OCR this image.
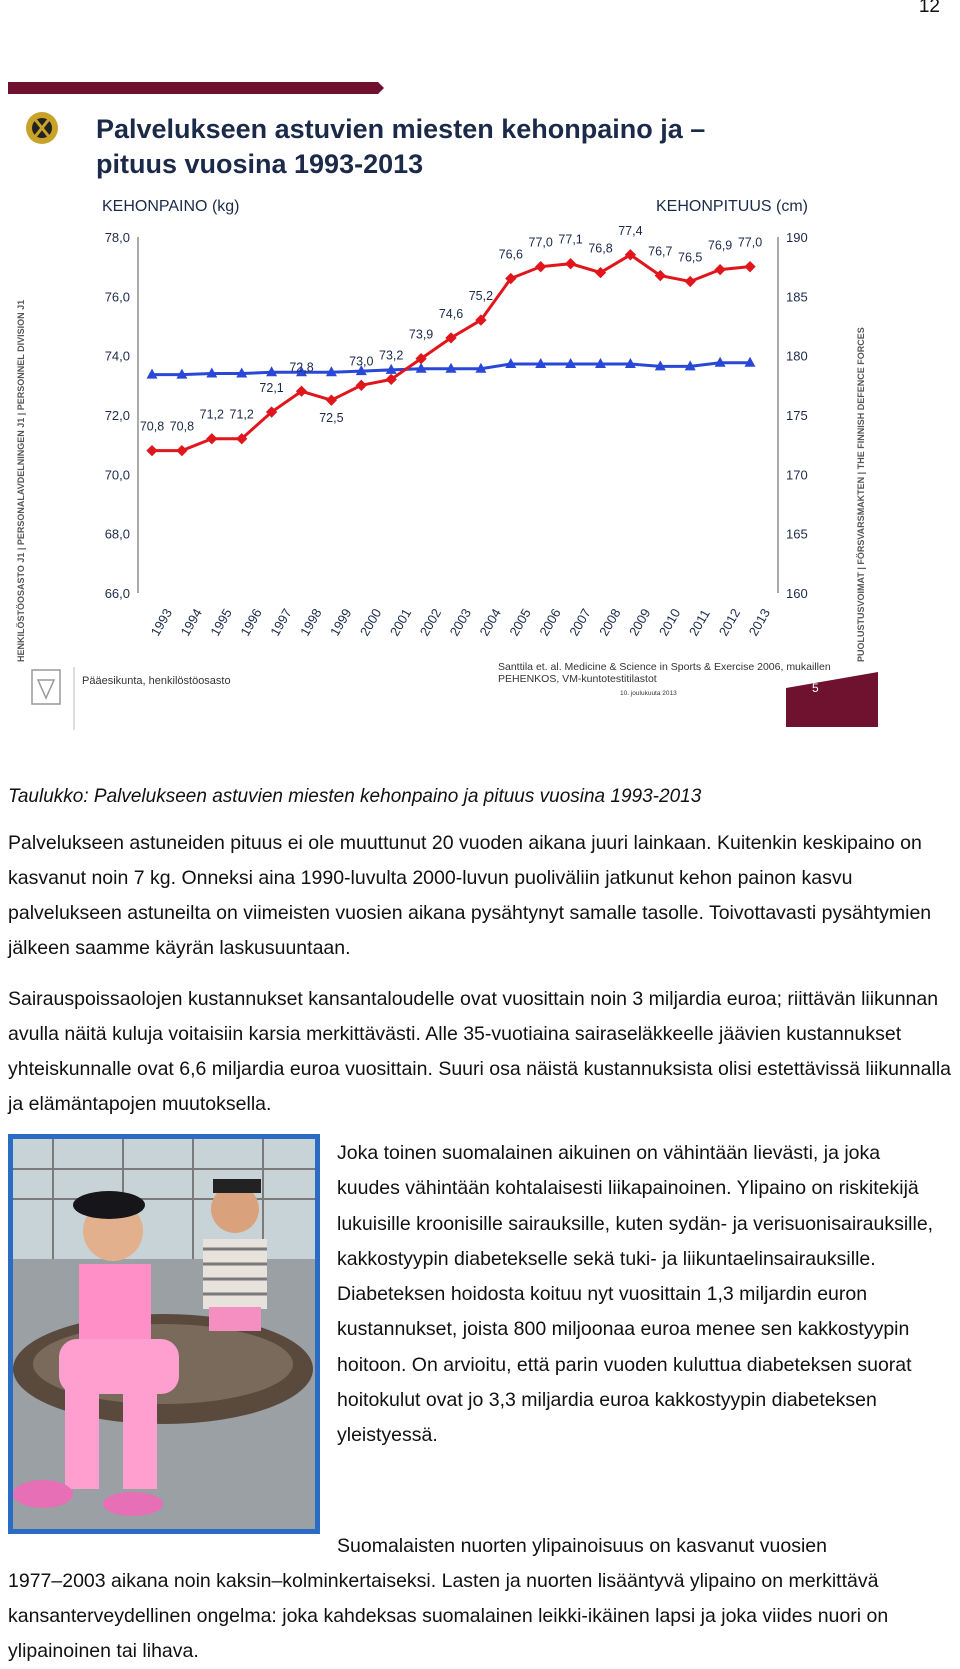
12
Palvelukseen astuvien miesten kehonpaino ja –
pituus vuosina 1993-2013
KEHONPAINO (kg)	KEHONPITUUS (cm)
HENKILÖSTÖOSASTO J1 | PERSONALAVDELNINGEN J1 | PERSONNEL DIVISION J1	PUOLUSTUSVOIMAT | FÖRSVARSMAKTEN | THE FINNISH DEFENCE FORCES
78,0
76,0
74,0
72,0
70,0
68,0
66,0
190
185
180
175
170
165
160
1993 1994 1995 1996 1997 1998 1999 2000 2001 2002 2003 2004 2005 2006 2007 2008 2009 2010 2011 2012 2013
70,8 70,8
71,2 71,2
72,1
72,8
72,5
73,0 73,2
73,9
74,6
75,2
76,6
77,0 77,1
76,8
77,4
76,7 76,5
76,9 77,0
Pääesikunta, henkilöstöosasto
Santtila et. al. Medicine & Science in Sports & Exercise 2006, mukaillen
PEHENKOS, VM-kuntotestitilastot
10. joulukuuta 2013	5
Taulukko: Palvelukseen astuvien miesten kehonpaino ja pituus vuosina 1993-2013
Palvelukseen astuneiden pituus ei ole muuttunut 20 vuoden aikana juuri lainkaan. Kuitenkin keskipaino on kasvanut noin 7 kg. Onneksi aina 1990-luvulta 2000-luvun puoliväliin jatkunut kehon painon kasvu palvelukseen astuneilta on viimeisten vuosien aikana pysähtynyt samalle tasolle. Toivottavasti pysähtymien jälkeen saamme käyrän laskusuuntaan.
Sairauspoissaolojen kustannukset kansantaloudelle ovat vuosittain noin 3 miljardia euroa; riittävän liikunnan avulla näitä kuluja voitaisiin karsia merkittävästi. Alle 35-vuotiaina sairaseläkkeelle jäävien kustannukset yhteiskunnalle ovat 6,6 miljardia euroa vuosittain. Suuri osa näistä kustannuksista olisi estettävissä liikunnalla ja elämäntapojen muutoksella.
Joka toinen suomalainen aikuinen on vähintään lievästi, ja joka kuudes vähintään kohtalaisesti liikapainoinen. Ylipaino on riskitekijä lukuisille kroonisille sairauksille, kuten sydän- ja verisuonisairauksille, kakkostyypin diabetekselle sekä tuki- ja liikuntaelinsairauksille. Diabeteksen hoidosta koituu nyt vuosittain 1,3 miljardin euron kustannukset, joista 800 miljoonaa euroa menee sen kakkostyypin hoitoon. On arvioitu, että parin vuoden kuluttua diabeteksen suorat hoitokulut ovat jo 3,3 miljardia euroa kakkostyypin diabeteksen yleistyessä.
Suomalaisten nuorten ylipainoisuus on kasvanut vuosien
1977–2003 aikana noin kaksin–kolminkertaiseksi. Lasten ja nuorten lisääntyvä ylipaino on merkittävä kansanterveydellinen ongelma: joka kahdeksas suomalainen leikki-ikäinen lapsi ja joka viides nuori on ylipainoinen tai lihava.
